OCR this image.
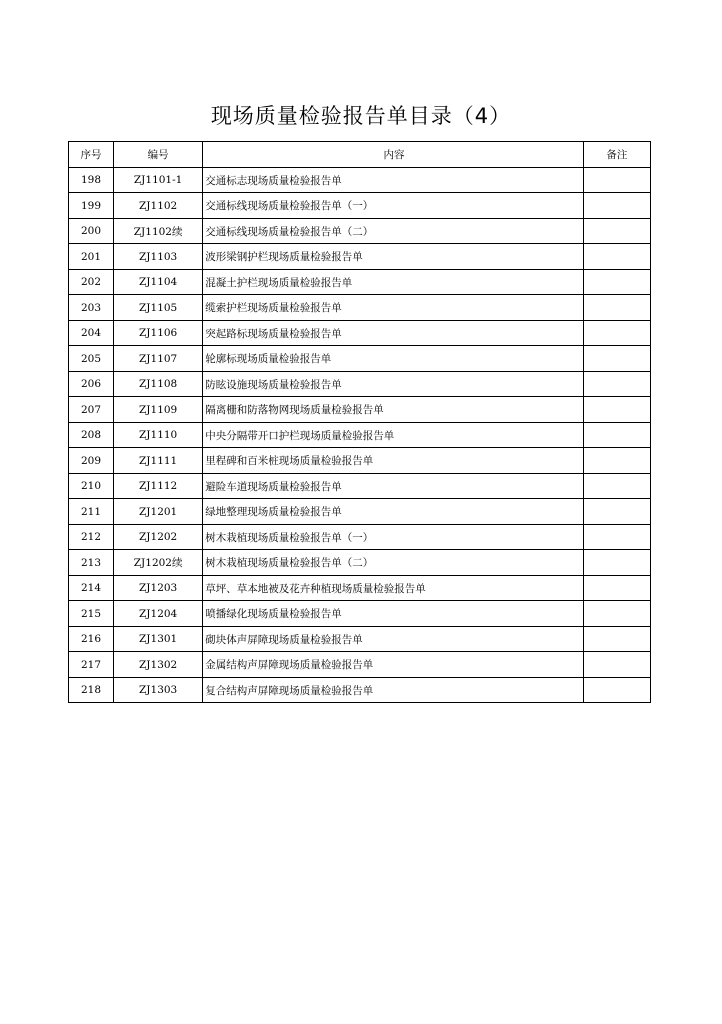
现场质量检验报告单目录（4）
序号	编号	内容	备注
198	ZJ1101-1	交通标志现场质量检验报告单	
199	ZJ1102	交通标线现场质量检验报告单（一）	
200	ZJ1102续	交通标线现场质量检验报告单（二）	
201	ZJ1103	波形梁钢护栏现场质量检验报告单	
202	ZJ1104	混凝土护栏现场质量检验报告单	
203	ZJ1105	缆索护栏现场质量检验报告单	
204	ZJ1106	突起路标现场质量检验报告单	
205	ZJ1107	轮廓标现场质量检验报告单	
206	ZJ1108	防眩设施现场质量检验报告单	
207	ZJ1109	隔离栅和防落物网现场质量检验报告单	
208	ZJ1110	中央分隔带开口护栏现场质量检验报告单	
209	ZJ1111	里程碑和百米桩现场质量检验报告单	
210	ZJ1112	避险车道现场质量检验报告单	
211	ZJ1201	绿地整理现场质量检验报告单	
212	ZJ1202	树木栽植现场质量检验报告单（一）	
213	ZJ1202续	树木栽植现场质量检验报告单（二）	
214	ZJ1203	草坪、草本地被及花卉种植现场质量检验报告单	
215	ZJ1204	喷播绿化现场质量检验报告单	
216	ZJ1301	砌块体声屏障现场质量检验报告单	
217	ZJ1302	金属结构声屏障现场质量检验报告单	
218	ZJ1303	复合结构声屏障现场质量检验报告单	
